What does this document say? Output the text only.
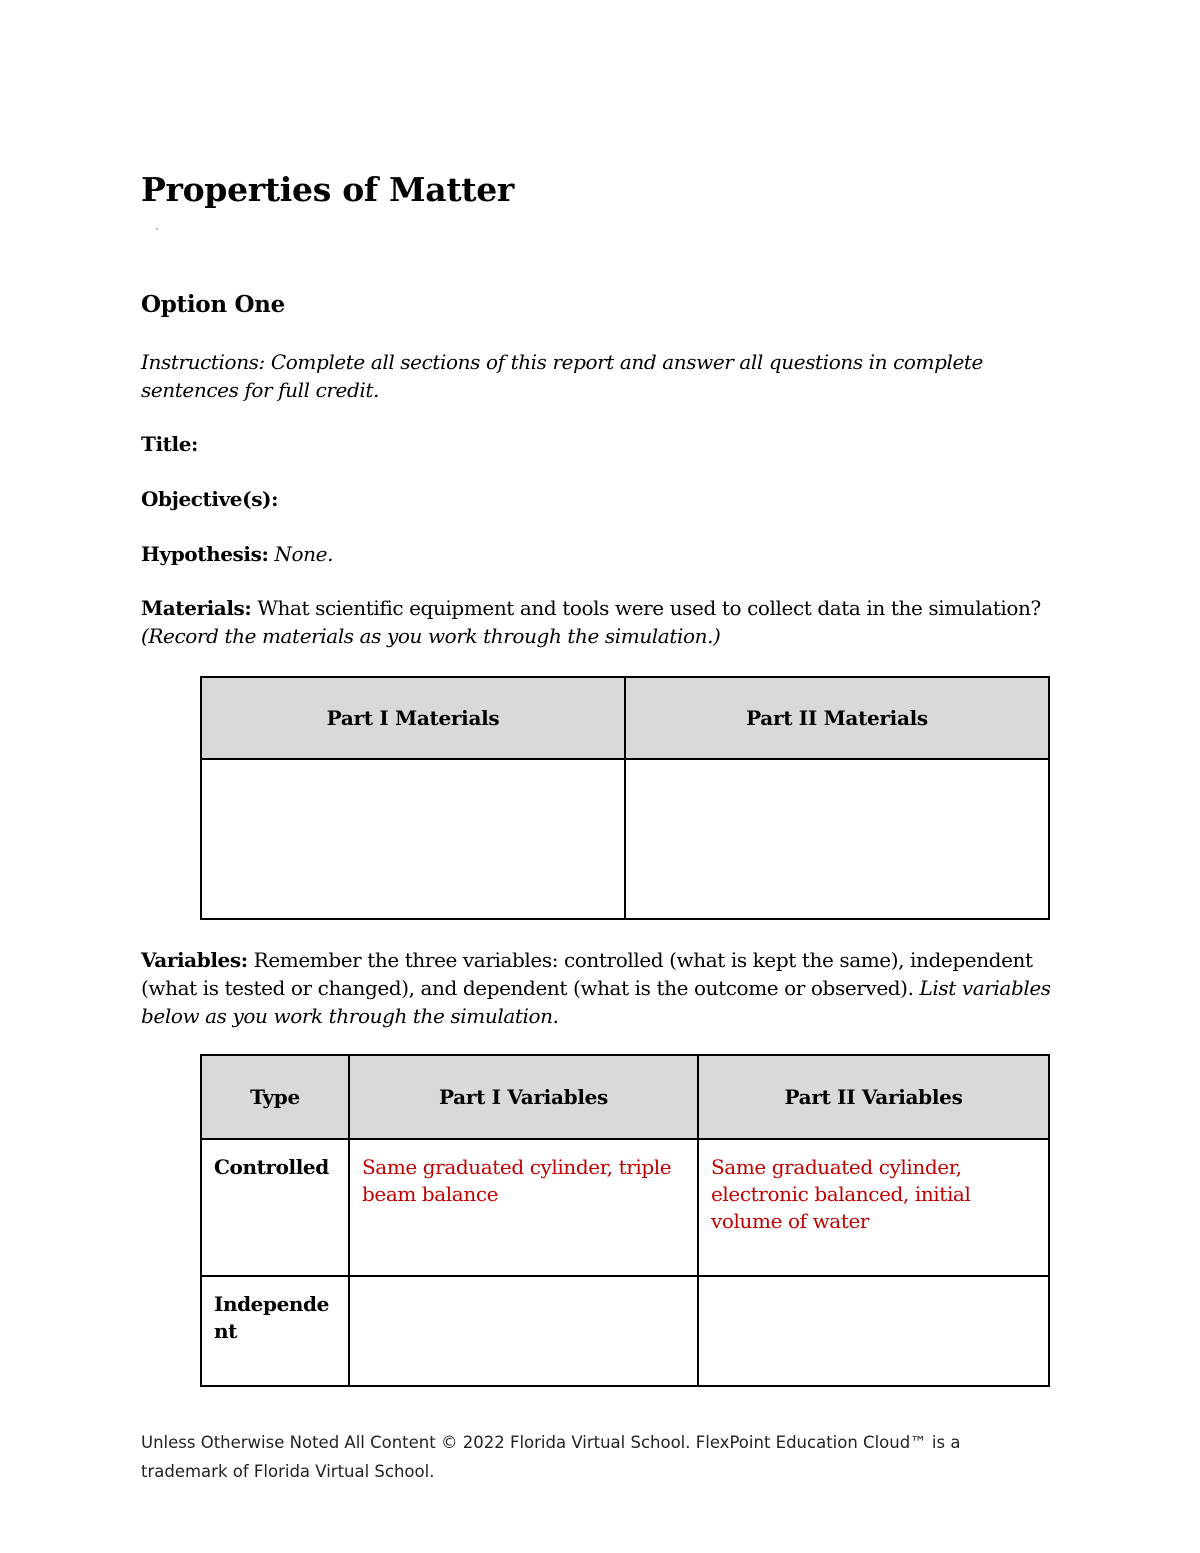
Properties of Matter
Option One
Instructions: Complete all sections of this report and answer all questions in complete sentences for full credit.
Title:
Objective(s):
Hypothesis: None.
Materials: What scientific equipment and tools were used to collect data in the simulation?
(Record the materials as you work through the simulation.)
Part I Materials	Part II Materials

Variables: Remember the three variables: controlled (what is kept the same), independent (what is tested or changed), and dependent (what is the outcome or observed). List variables below as you work through the simulation.
Type	Part I Variables	Part II Variables

Controlled	Same graduated cylinder, triple beam balance	Same graduated cylinder, electronic balanced, initial volume of water

Independent		

Unless Otherwise Noted All Content © 2022 Florida Virtual School. FlexPoint Education Cloud™ is a trademark of Florida Virtual School.
